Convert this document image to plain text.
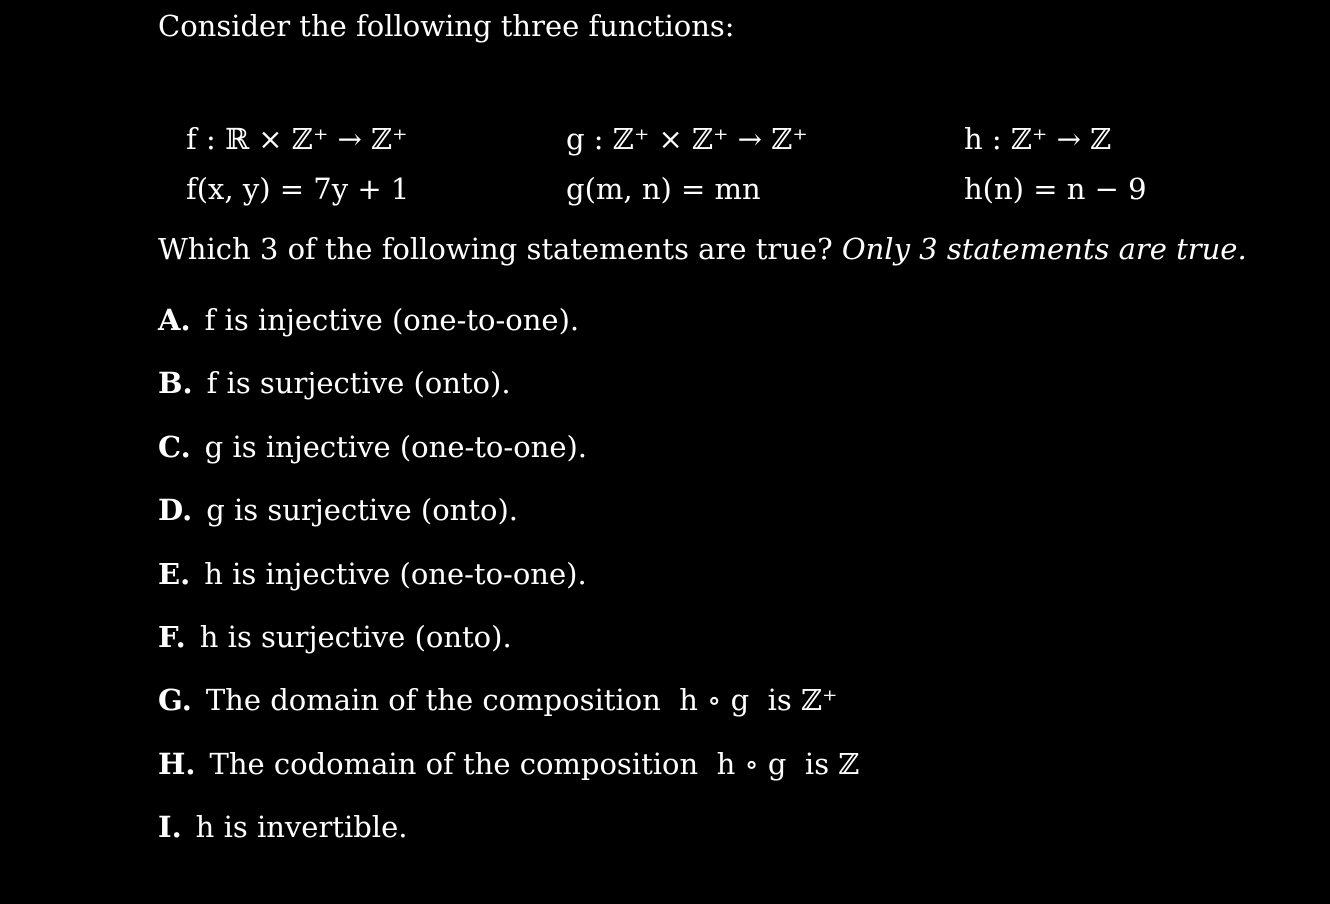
Consider the following three functions:
f : ℝ × ℤ⁺ → ℤ⁺
f(x, y) = 7y + 1
g : ℤ⁺ × ℤ⁺ → ℤ⁺
g(m, n) = mn
h : ℤ⁺ → ℤ
h(n) = n − 9
Which 3 of the following statements are true? Only 3 statements are true.
A. f is injective (one-to-one).
B. f is surjective (onto).
C. g is injective (one-to-one).
D. g is surjective (onto).
E. h is injective (one-to-one).
F. h is surjective (onto).
G. The domain of the composition  h ∘ g  is ℤ⁺
H. The codomain of the composition  h ∘ g  is ℤ
I. h is invertible.
